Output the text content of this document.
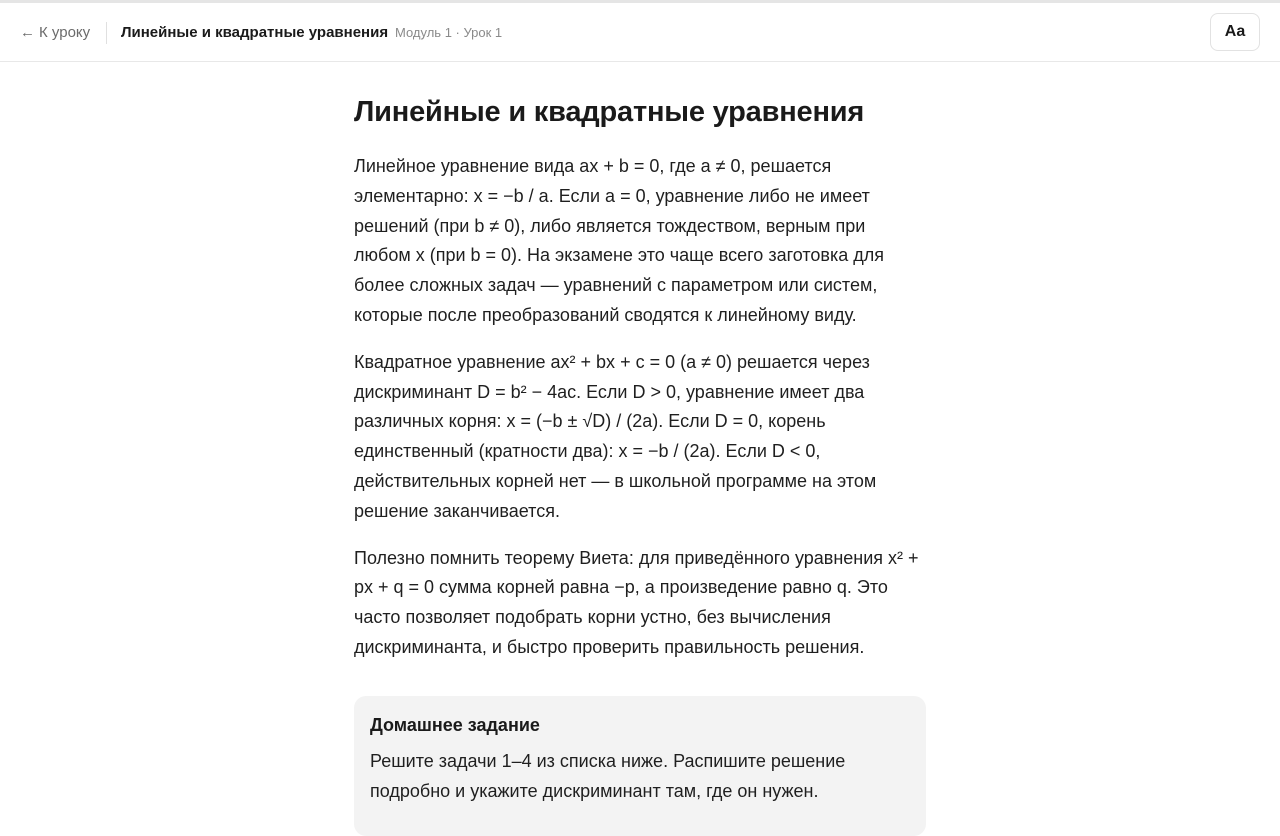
← К уроку Линейные и квадратные уравнения Модуль 1 · Урок 1	Aa
Линейные и квадратные уравнения

Линейное уравнение вида ax + b = 0, где a ≠ 0, решается элементарно: x = −b / a. Если a = 0, уравнение либо не имеет решений (при b ≠ 0), либо является тождеством, верным при любом x (при b = 0). На экзамене это чаще всего заготовка для более сложных задач — уравнений с параметром или систем, которые после преобразований сводятся к линейному виду.

Квадратное уравнение ax² + bx + c = 0 (a ≠ 0) решается через дискриминант D = b² − 4ac. Если D > 0, уравнение имеет два различных корня: x = (−b ± √D) / (2a). Если D = 0, корень единственный (кратности два): x = −b / (2a). Если D < 0, действительных корней нет — в школьной программе на этом решение заканчивается.

Полезно помнить теорему Виета: для приведённого уравнения x² + px + q = 0 сумма корней равна −p, а произведение равно q. Это часто позволяет подобрать корни устно, без вычисления дискриминанта, и быстро проверить правильность решения.

Домашнее задание

Решите задачи 1–4 из списка ниже. Распишите решение подробно и укажите дискриминант там, где он нужен.
